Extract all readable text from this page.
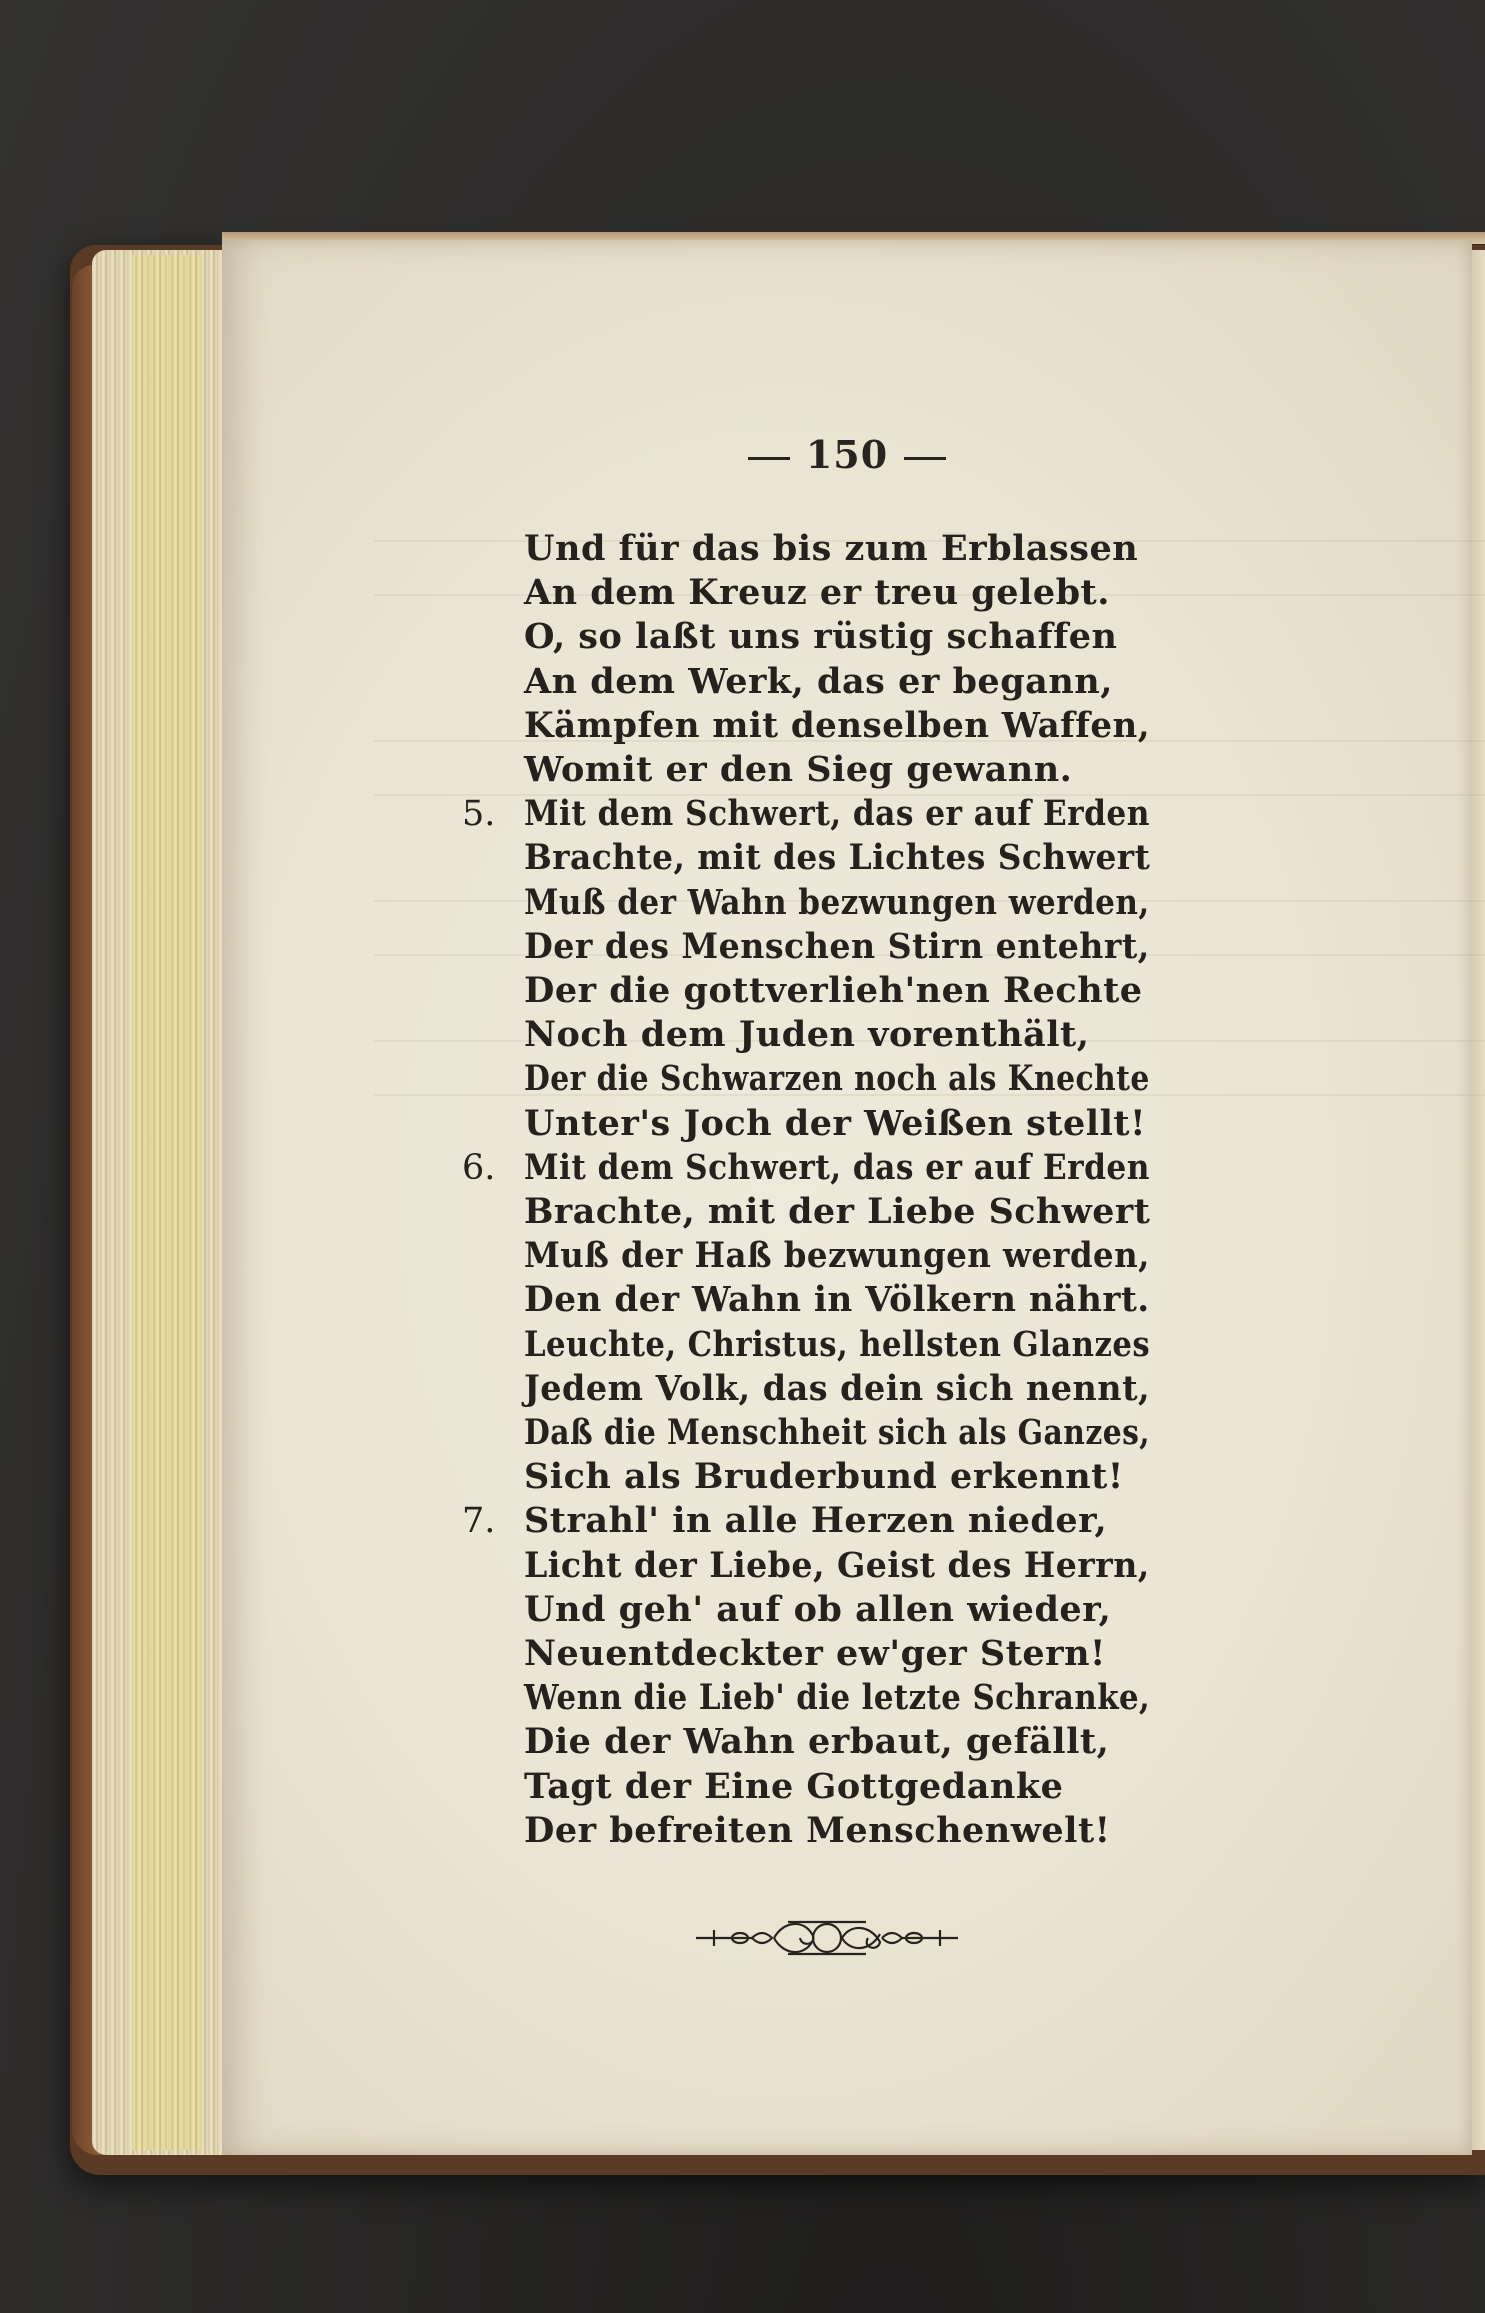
150
Und für das bis zum Erblassen
An dem Kreuz er treu gelebt.
O, so laßt uns rüstig schaffen
An dem Werk, das er begann,
Kämpfen mit denselben Waffen,
Womit er den Sieg gewann.
5. Mit dem Schwert, das er auf Erden
Brachte, mit des Lichtes Schwert
Muß der Wahn bezwungen werden,
Der des Menschen Stirn entehrt,
Der die gottverlieh'nen Rechte
Noch dem Juden vorenthält,
Der die Schwarzen noch als Knechte
Unter's Joch der Weißen stellt!
6. Mit dem Schwert, das er auf Erden
Brachte, mit der Liebe Schwert
Muß der Haß bezwungen werden,
Den der Wahn in Völkern nährt.
Leuchte, Christus, hellsten Glanzes
Jedem Volk, das dein sich nennt,
Daß die Menschheit sich als Ganzes,
Sich als Bruderbund erkennt!
7. Strahl' in alle Herzen nieder,
Licht der Liebe, Geist des Herrn,
Und geh' auf ob allen wieder,
Neuentdeckter ew'ger Stern!
Wenn die Lieb' die letzte Schranke,
Die der Wahn erbaut, gefällt,
Tagt der Eine Gottgedanke
Der befreiten Menschenwelt!
